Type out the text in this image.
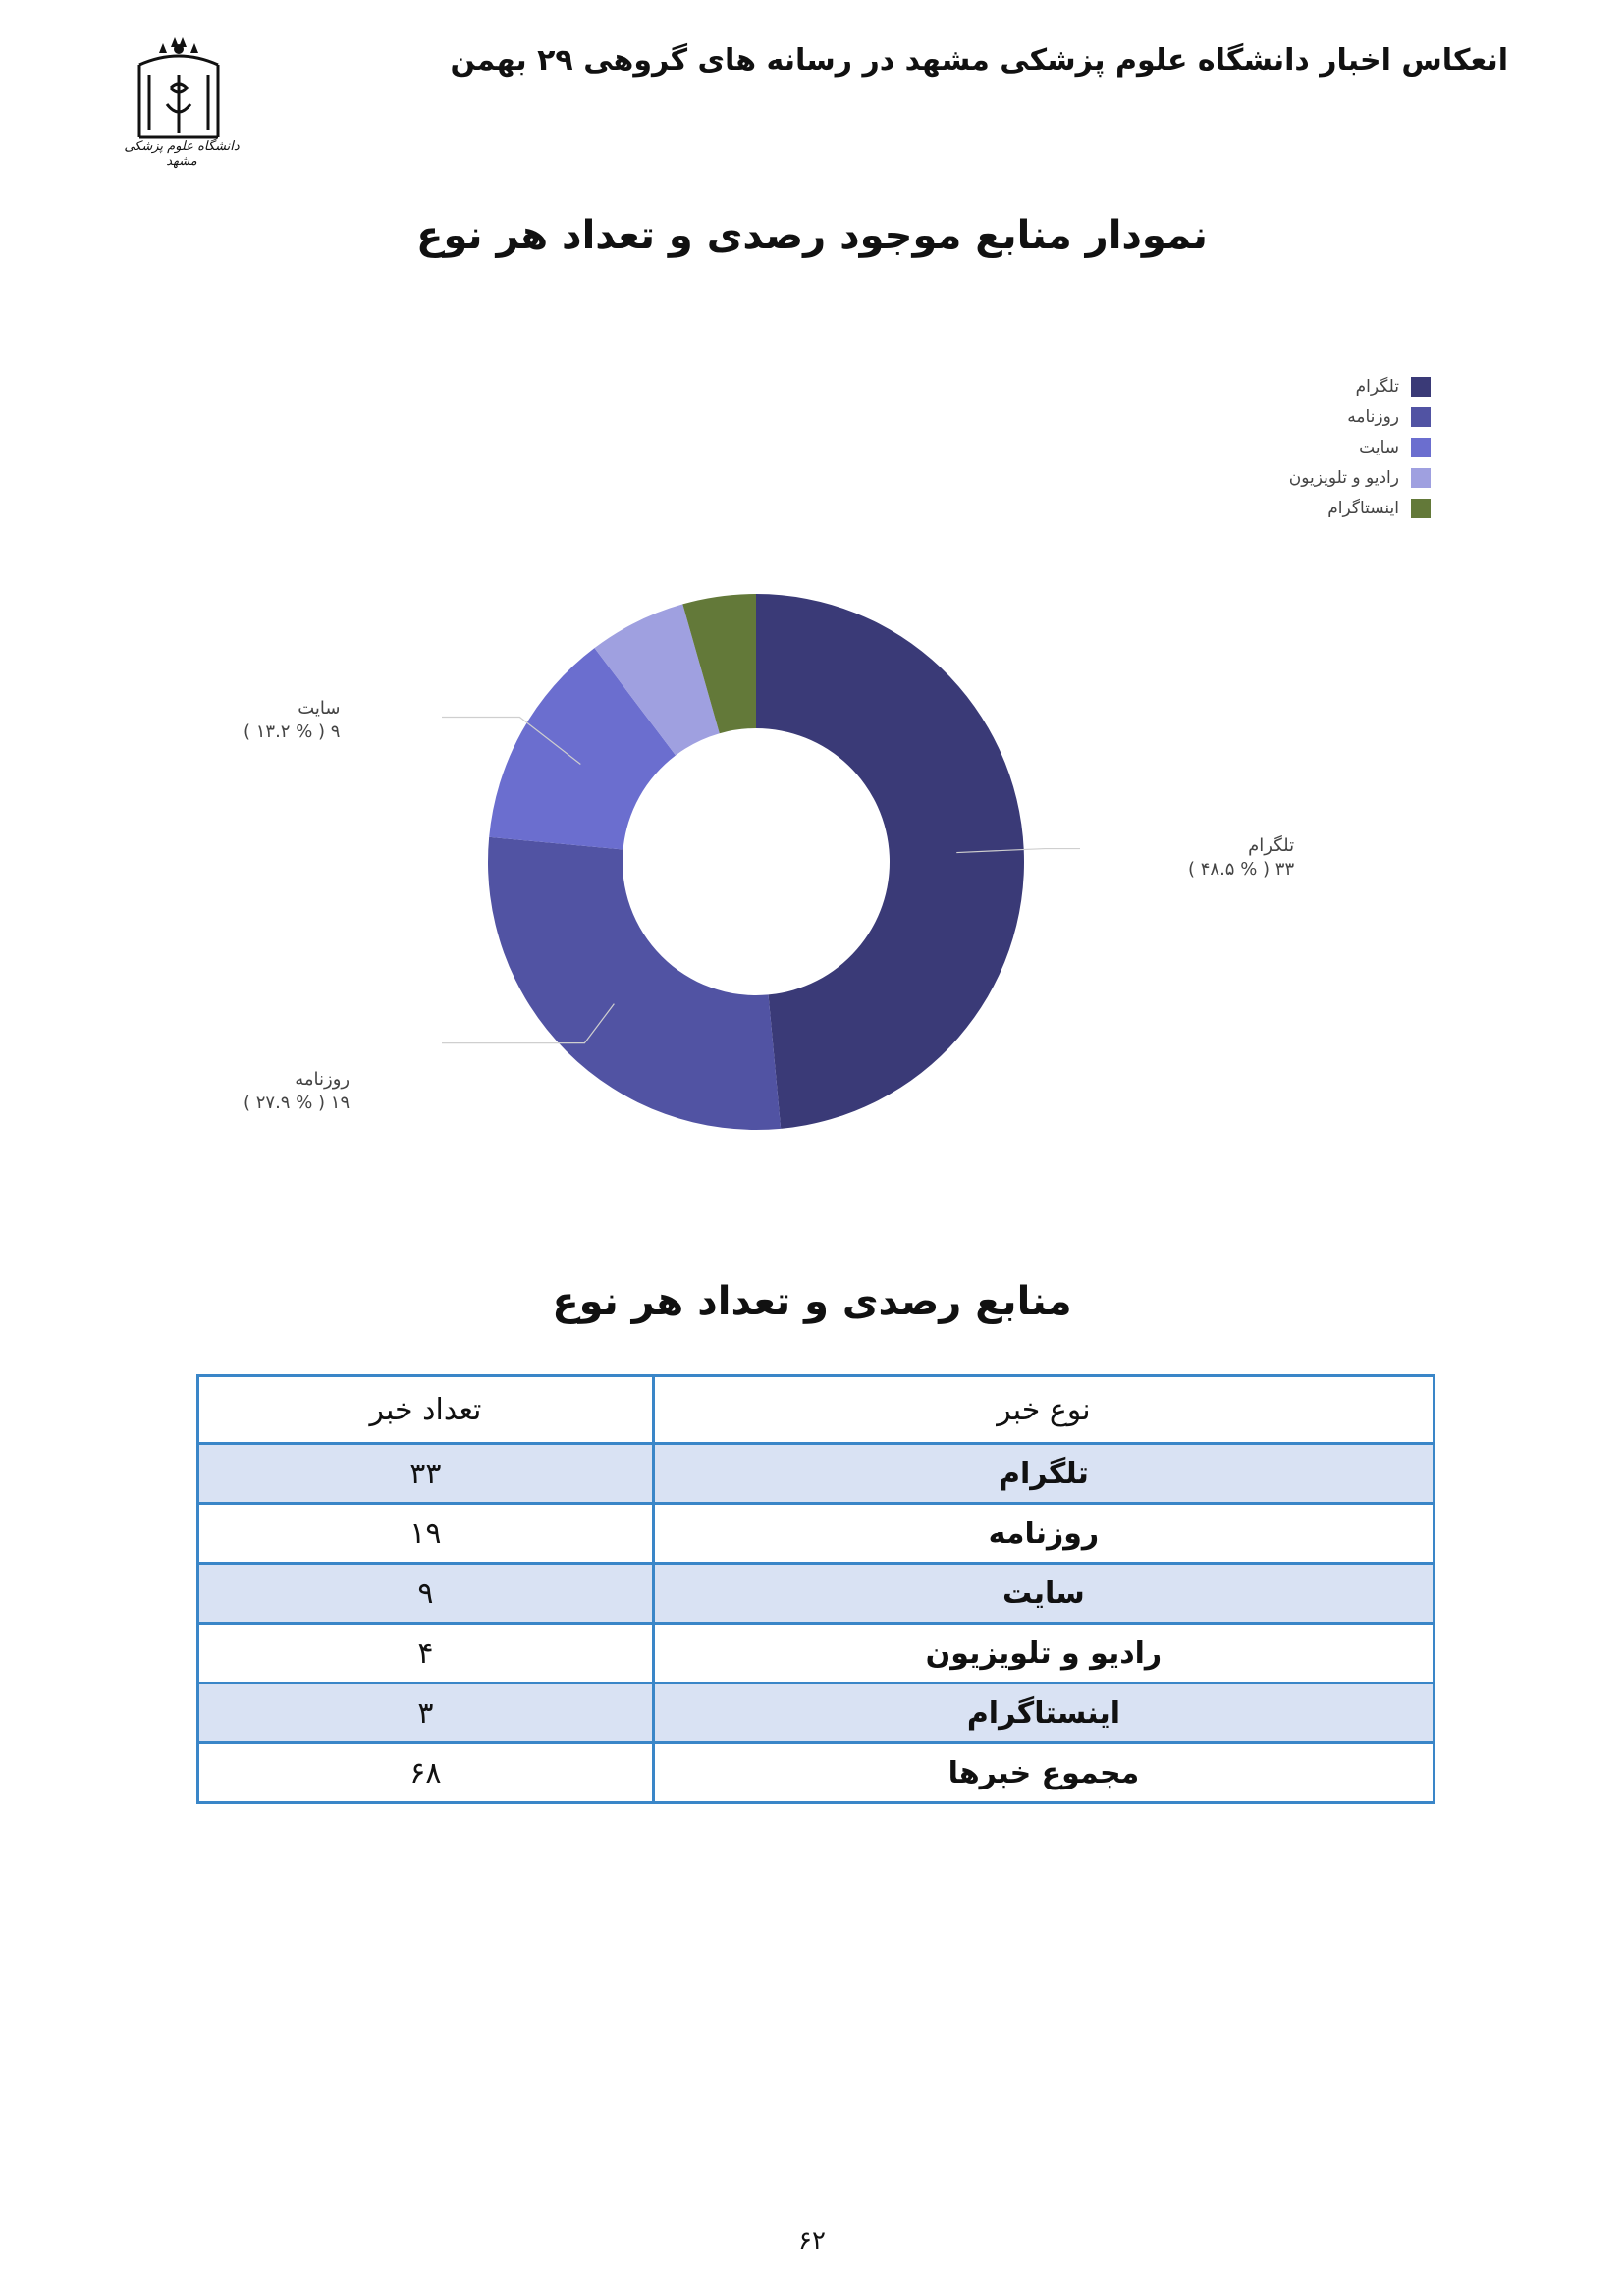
دانشگاه علوم پزشکی مشهد
انعکاس اخبار دانشگاه علوم پزشکی مشهد در رسانه های گروهی ۲۹ بهمن
نمودار منابع موجود رصدی و تعداد هر نوع
تلگرام
روزنامه
سایت
رادیو و تلویزیون
اینستاگرام
تلگرام
۳۳ ( % ۴۸.۵ )
روزنامه
۱۹ ( % ۲۷.۹ )
سایت
۹ ( % ۱۳.۲ )
منابع رصدی و تعداد هر نوع
نوع خبر	تعداد خبر
تلگرام	۳۳
روزنامه	۱۹
سایت	۹
رادیو و تلویزیون	۴
اینستاگرام	۳
مجموع خبرها	۶۸
۶۲
